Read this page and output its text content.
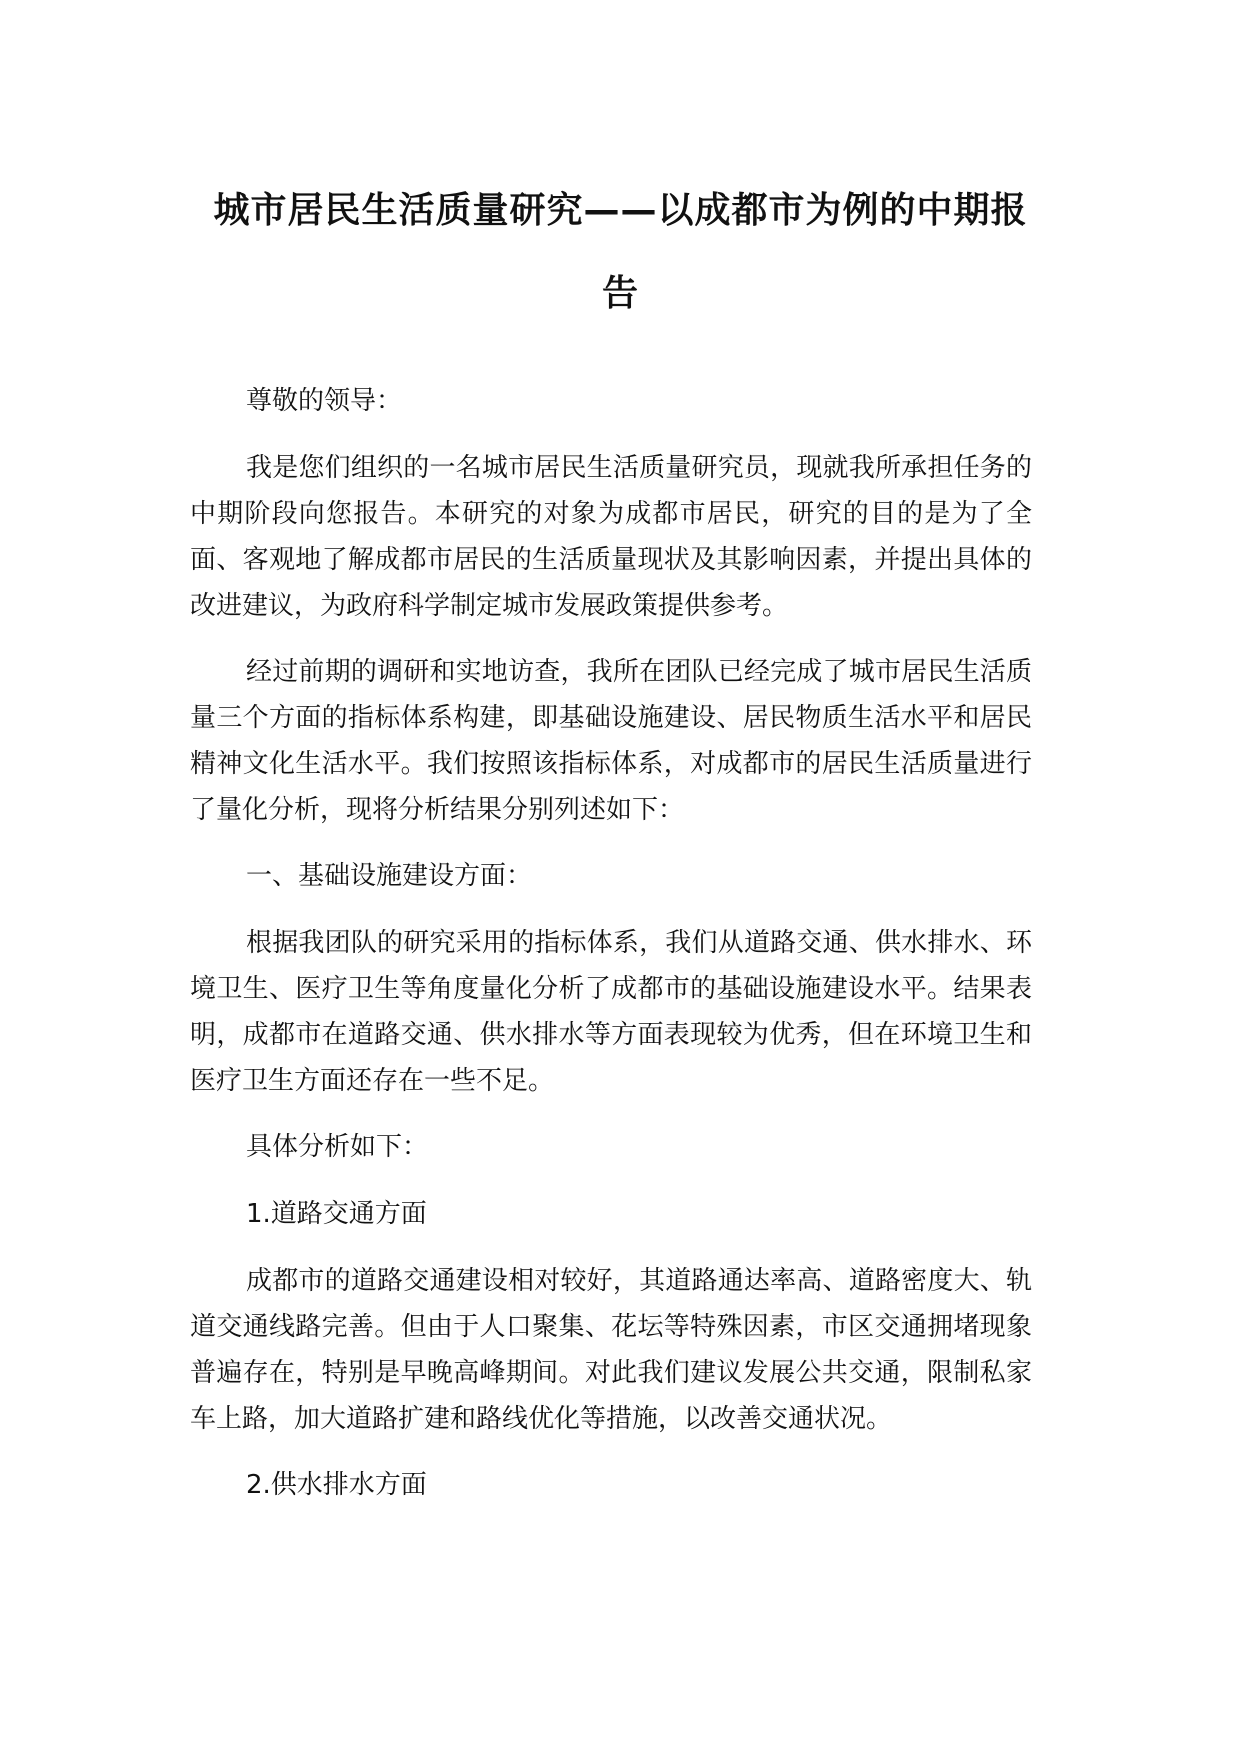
城市居民生活质量研究——以成都市为例的中期报
告

尊敬的领导：

我是您们组织的一名城市居民生活质量研究员，现就我所承担任务的中期阶段向您报告。本研究的对象为成都市居民，研究的目的是为了全面、客观地了解成都市居民的生活质量现状及其影响因素，并提出具体的改进建议，为政府科学制定城市发展政策提供参考。

经过前期的调研和实地访查，我所在团队已经完成了城市居民生活质量三个方面的指标体系构建，即基础设施建设、居民物质生活水平和居民精神文化生活水平。我们按照该指标体系，对成都市的居民生活质量进行了量化分析，现将分析结果分别列述如下：

一、基础设施建设方面：

根据我团队的研究采用的指标体系，我们从道路交通、供水排水、环境卫生、医疗卫生等角度量化分析了成都市的基础设施建设水平。结果表明，成都市在道路交通、供水排水等方面表现较为优秀，但在环境卫生和医疗卫生方面还存在一些不足。

具体分析如下：

1.道路交通方面

成都市的道路交通建设相对较好，其道路通达率高、道路密度大、轨道交通线路完善。但由于人口聚集、花坛等特殊因素，市区交通拥堵现象普遍存在，特别是早晚高峰期间。对此我们建议发展公共交通，限制私家车上路，加大道路扩建和路线优化等措施，以改善交通状况。

2.供水排水方面
